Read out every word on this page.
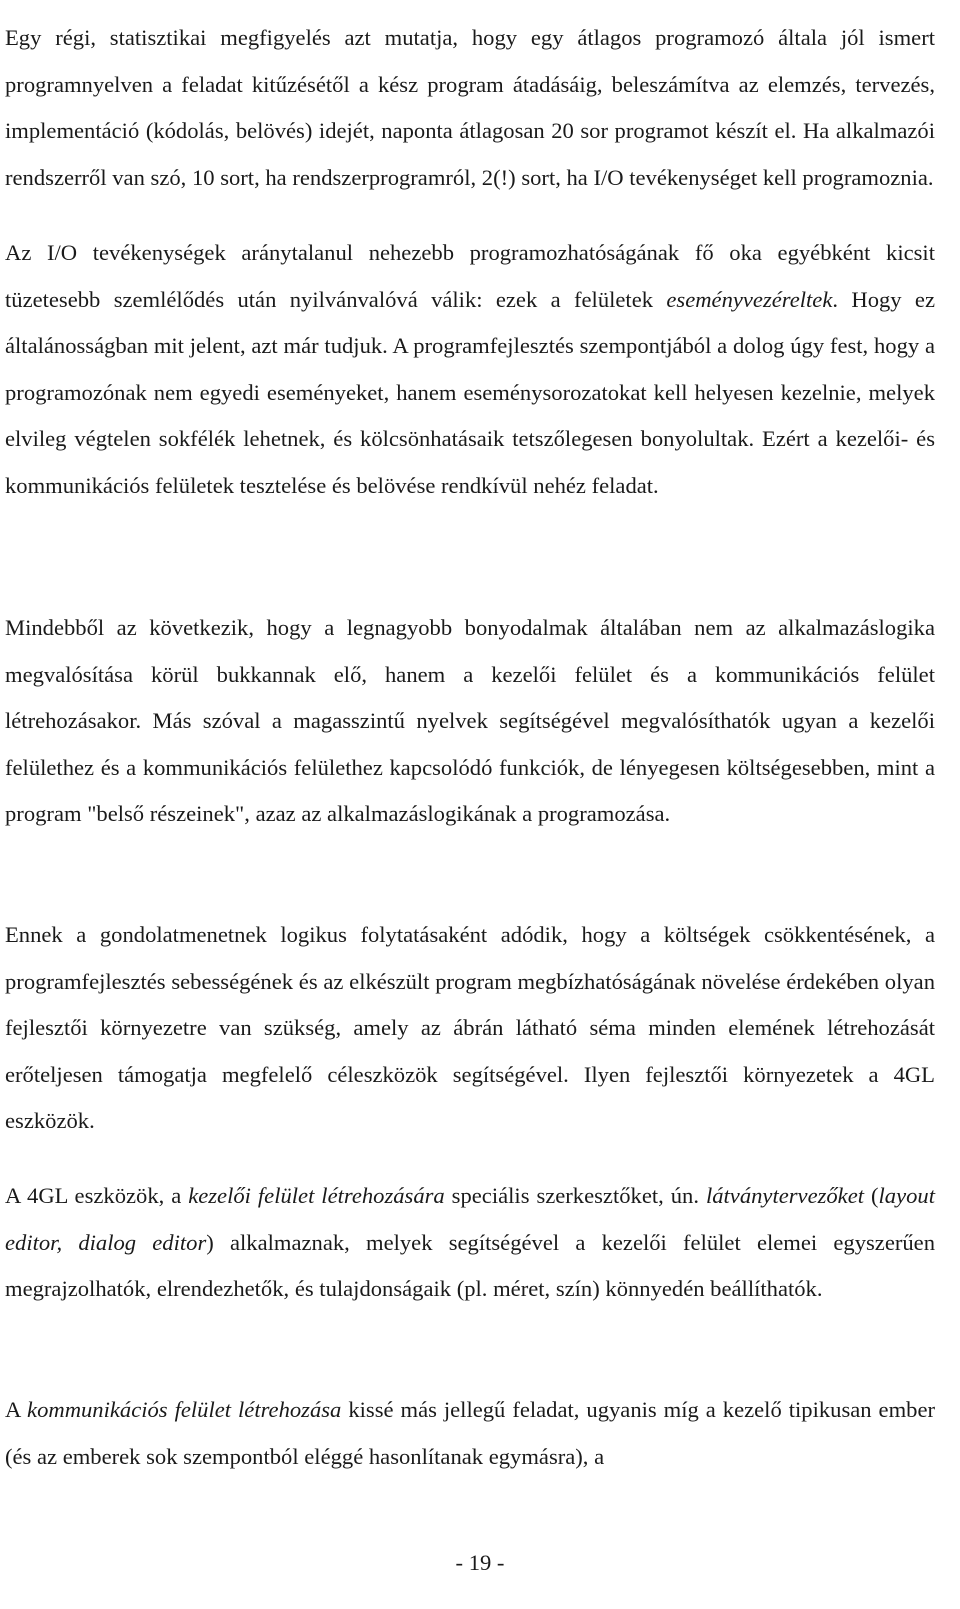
Egy régi, statisztikai megfigyelés azt mutatja, hogy egy átlagos programozó általa jól ismert programnyelven a feladat kitűzésétől a kész program átadásáig, beleszámítva az elemzés, tervezés, implementáció (kódolás, belövés) idejét, naponta átlagosan 20 sor programot készít el. Ha alkalmazói rendszerről van szó, 10 sort, ha rendszerprogramról, 2(!) sort, ha I/O tevékenységet kell programoznia.

Az I/O tevékenységek aránytalanul nehezebb programozhatóságának fő oka egyébként kicsit tüzetesebb szemlélődés után nyilvánvalóvá válik: ezek a felületek eseményvezéreltek. Hogy ez általánosságban mit jelent, azt már tudjuk. A programfejlesztés szempontjából a dolog úgy fest, hogy a programozónak nem egyedi eseményeket, hanem eseménysorozatokat kell helyesen kezelnie, melyek elvileg végtelen sokfélék lehetnek, és kölcsönhatásaik tetszőlegesen bonyolultak. Ezért a kezelői- és kommunikációs felületek tesztelése és belövése rendkívül nehéz feladat.

Mindebből az következik, hogy a legnagyobb bonyodalmak általában nem az alkalmazáslogika megvalósítása körül bukkannak elő, hanem a kezelői felület és a kommunikációs felület létrehozásakor. Más szóval a magasszintű nyelvek segítségével megvalósíthatók ugyan a kezelői felülethez és a kommunikációs felülethez kapcsolódó funkciók, de lényegesen költségesebben, mint a program "belső részeinek", azaz az alkalmazáslogikának a programozása.

Ennek a gondolatmenetnek logikus folytatásaként adódik, hogy a költségek csökkentésének, a programfejlesztés sebességének és az elkészült program megbízhatóságának növelése érdekében olyan fejlesztői környezetre van szükség, amely az ábrán látható séma minden elemének létrehozását erőteljesen támogatja megfelelő céleszközök segítségével. Ilyen fejlesztői környezetek a 4GL eszközök.

A 4GL eszközök, a kezelői felület létrehozására speciális szerkesztőket, ún. látványtervezőket (layout editor, dialog editor) alkalmaznak, melyek segítségével a kezelői felület elemei egyszerűen megrajzolhatók, elrendezhetők, és tulajdonságaik (pl. méret, szín) könnyedén beállíthatók.

A kommunikációs felület létrehozása kissé más jellegű feladat, ugyanis míg a kezelő tipikusan ember (és az emberek sok szempontból eléggé hasonlítanak egymásra), a

- 19 -
